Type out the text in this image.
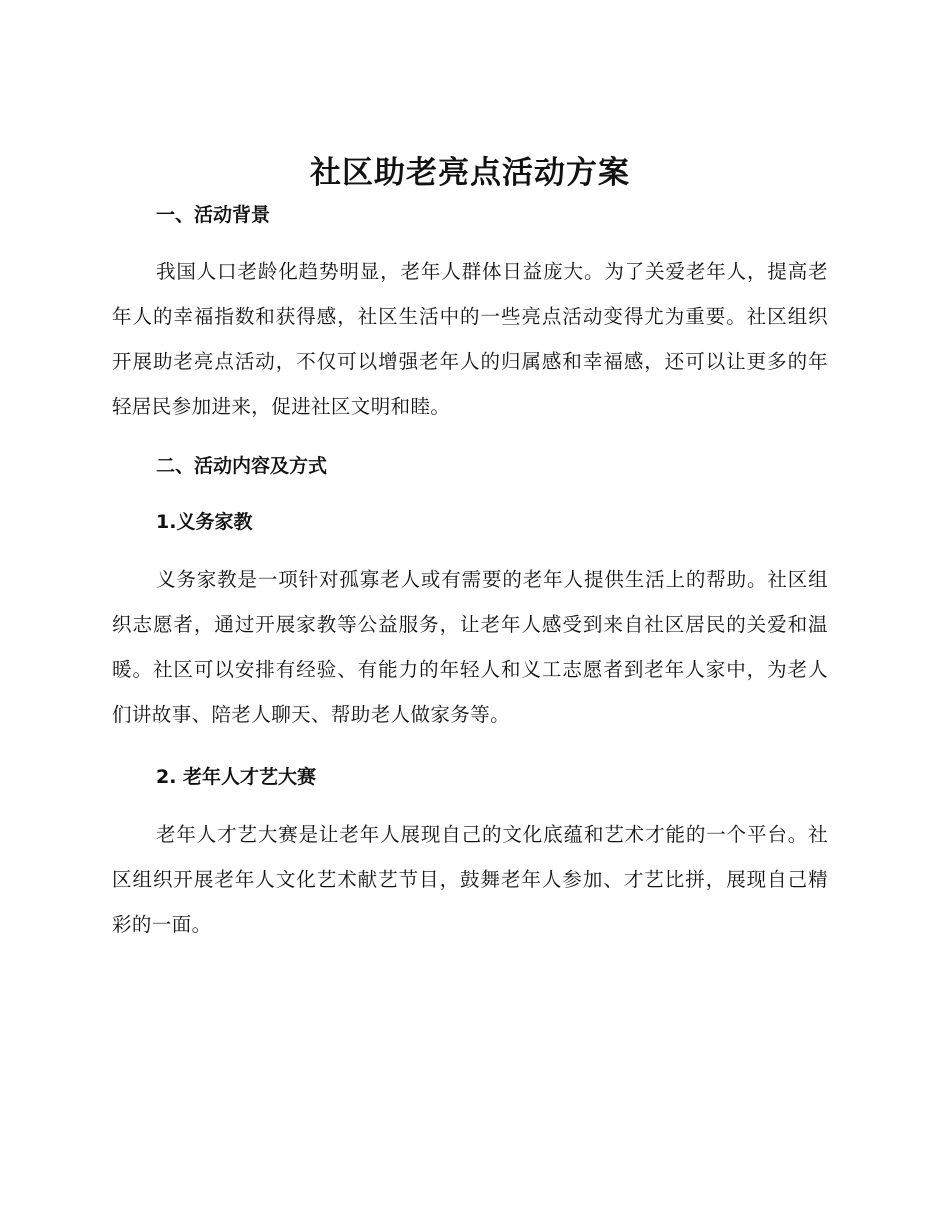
社区助老亮点活动方案
一、活动背景

我国人口老龄化趋势明显，老年人群体日益庞大。为了关爱老年人，提高老年人的幸福指数和获得感，社区生活中的一些亮点活动变得尤为重要。社区组织开展助老亮点活动，不仅可以增强老年人的归属感和幸福感，还可以让更多的年轻居民参加进来，促进社区文明和睦。

二、活动内容及方式
1.义务家教

义务家教是一项针对孤寡老人或有需要的老年人提供生活上的帮助。社区组织志愿者，通过开展家教等公益服务，让老年人感受到来自社区居民的关爱和温暖。社区可以安排有经验、有能力的年轻人和义工志愿者到老年人家中，为老人们讲故事、陪老人聊天、帮助老人做家务等。

2. 老年人才艺大赛

老年人才艺大赛是让老年人展现自己的文化底蕴和艺术才能的一个平台。社区组织开展老年人文化艺术献艺节目，鼓舞老年人参加、才艺比拼，展现自己精彩的一面。
